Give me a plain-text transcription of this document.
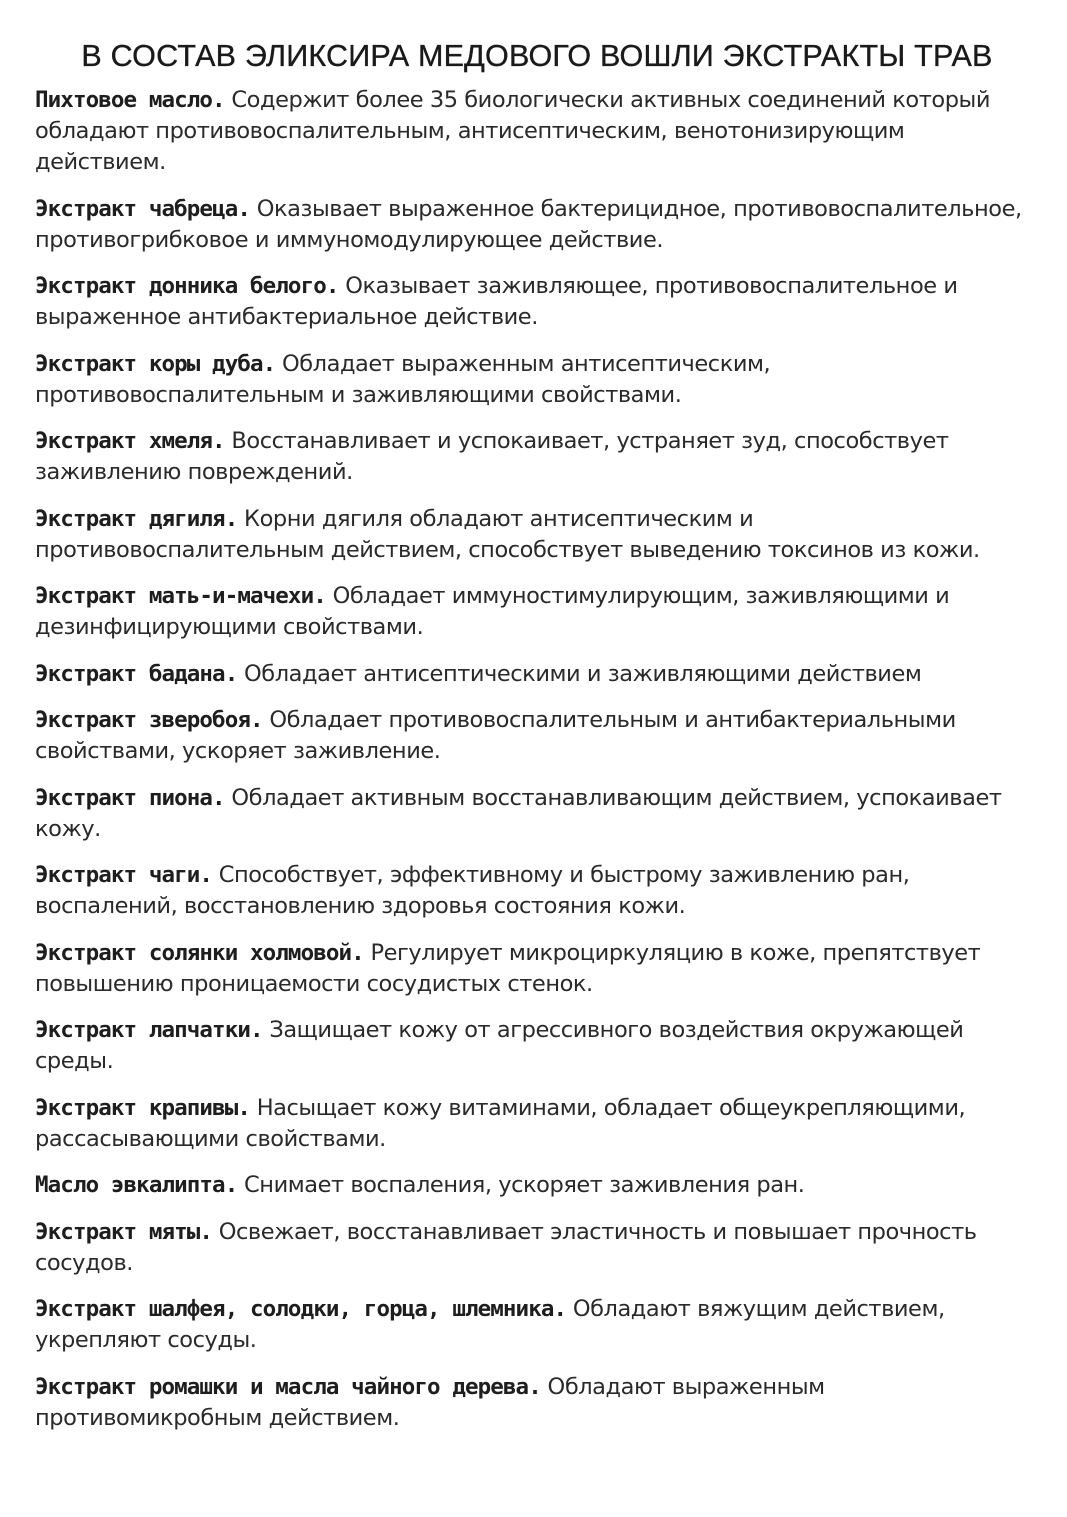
В СОСТАВ ЭЛИКСИРА МЕДОВОГО ВОШЛИ ЭКСТРАКТЫ ТРАВ
Пихтовое масло. Содержит более 35 биологически активных соединений который обладают противовоспалительным, антисептическим, венотонизирующим действием.
Экстракт чабреца. Оказывает выраженное бактерицидное, противовоспалительное, противогрибковое и иммуномодулирующее действие.
Экстракт донника белого. Оказывает заживляющее, противовоспалительное и выраженное антибактериальное действие.
Экстракт коры дуба. Обладает выраженным антисептическим, противовоспалительным и заживляющими свойствами.
Экстракт хмеля. Восстанавливает и успокаивает, устраняет зуд, способствует заживлению повреждений.
Экстракт дягиля. Корни дягиля обладают антисептическим и противовоспалительным действием, способствует выведению токсинов из кожи.
Экстракт мать-и-мачехи. Обладает иммуностимулирующим, заживляющими и дезинфицирующими свойствами.
Экстракт бадана. Обладает антисептическими и заживляющими действием
Экстракт зверобоя. Обладает противовоспалительным и антибактериальными свойствами, ускоряет заживление.
Экстракт пиона. Обладает активным восстанавливающим действием, успокаивает кожу.
Экстракт чаги. Способствует, эффективному и быстрому заживлению ран, воспалений, восстановлению здоровья состояния кожи.
Экстракт солянки холмовой. Регулирует микроциркуляцию в коже, препятствует повышению проницаемости сосудистых стенок.
Экстракт лапчатки. Защищает кожу от агрессивного воздействия окружающей среды.
Экстракт крапивы. Насыщает кожу витаминами, обладает общеукрепляющими, рассасывающими свойствами.
Масло эвкалипта. Снимает воспаления, ускоряет заживления ран.
Экстракт мяты. Освежает, восстанавливает эластичность и повышает прочность сосудов.
Экстракт шалфея, солодки, горца, шлемника. Обладают вяжущим действием, укрепляют сосуды.
Экстракт ромашки и масла чайного дерева. Обладают выраженным противомикробным действием.
